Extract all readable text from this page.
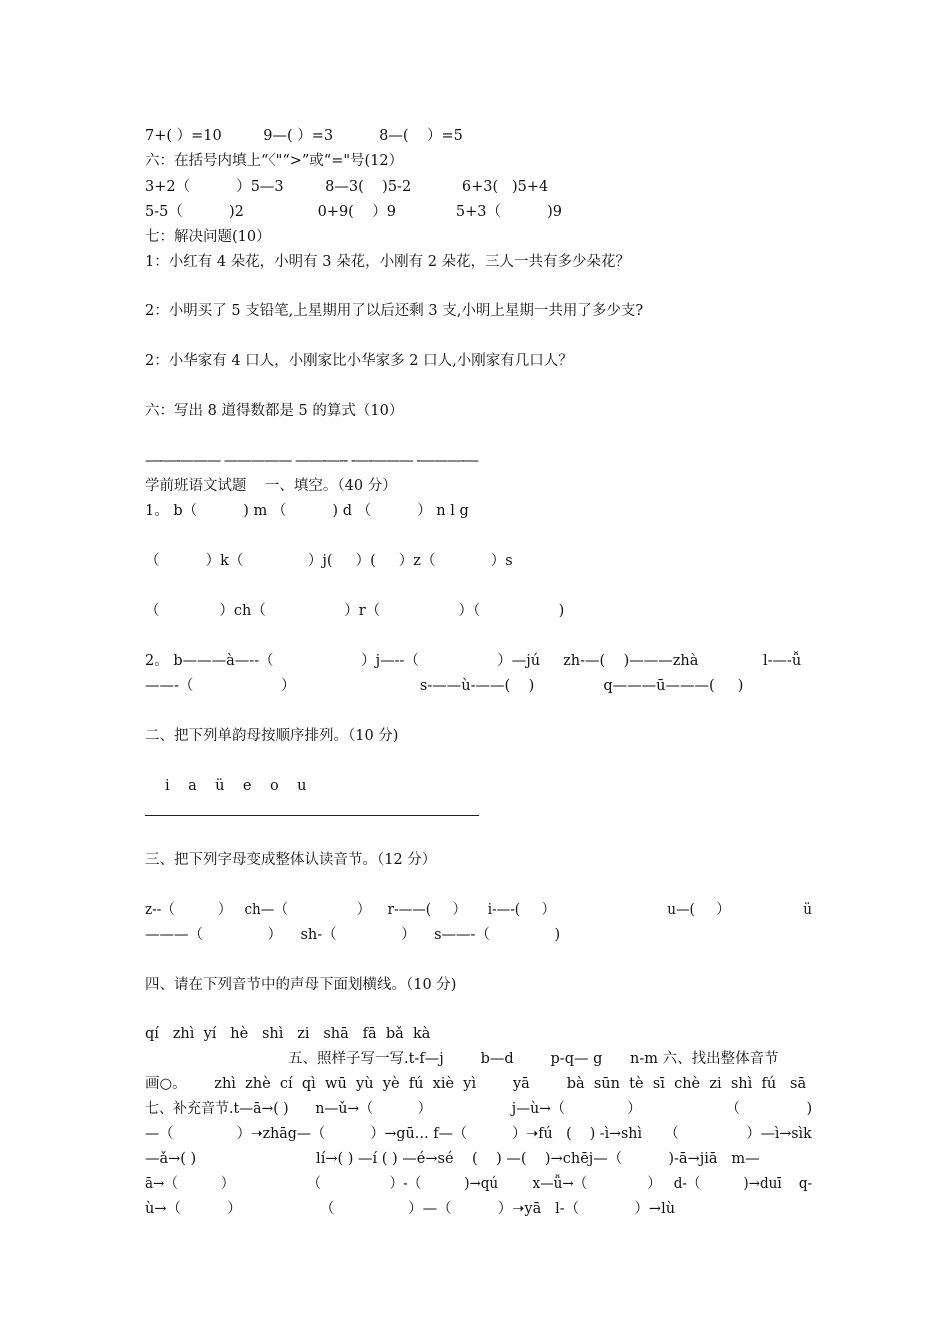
7+( ）=10         9—( ）=3          8—(    ）=5
六：在括号内填上“〈"“>”或“="号(12）
3+2（          ）5—3         8—3(    )5-2           6+3(   )5+4
5-5（          )2                0+9(    ）9             5+3（          )9
七：解决问题(10）
1：小红有 4 朵花，小明有 3 朵花，小刚有 2 朵花，三人一共有多少朵花？
2：小明买了 5 支铅笔,上星期用了以后还剩 3 支,小明上星期一共用了多少支?
2：小华家有 4 口人，小刚家比小华家多 2 口人,小刚家有几口人？
六：写出 8 道得数都是 5 的算式（10）
—-—-——— ————— ——-—-- -—-——— -———-—
学前班语文试题    一、填空。（40 分）
1。 b（          ) m （          ) d （          ） n l g
（          ）k（              ）j(     ）(     ）z（            ）s
（             ）ch（                 ）r（                 ）（                 )
2。 b———à—--（                   ）j—--（                 ）—jú     zh-—(    )———zhà              l-—-ǚ
——-（                   ）                           s-——ù-——(    )               q———ū———(     )
二、把下列单韵母按顺序排列。（10 分)
i    a    ü    e    o    u
三、把下列字母变成整体认读音节。（12 分）
z--（          ）   ch—（                ）    r-——(     ）     i-—-(     ）                          u—(     ）                 ü
———（              ）    sh-（              ）    s——-（              )
四、请在下列音节中的声母下面划横线。（10 分)
qí   zhì  yí   hè   shì   zi   shā   fā  bǎ  kà
五、照样子写一写.t-f—j        b—d        p-q— g      n-m 六、找出整体音节
画○。      zhì  zhè  cí  qì  wū  yù  yè  fú  xiè  yì        yā        bà  sūn  tè  sī  chè  zi  shì  fú   sā
七、补充音节.t—ā→( )      n—ǔ→（          ）                  j—ù→（              ）                   （               )
—（              ）➝zhāg—（          ）→gū… f—（          ）➝fú   (    ) -ì→shì     （               ）—ì→sìk
—ǎ→( )                          lí→( ) —í ( ) —é→sé    (    ) —(    )→chēj—（          )-ā→jiā   m—
ā→（          ）                 （                ）-（          )→qú        x—ǚ→（              ）   d-（          )→duī    q-
ù→（          ）                 （                ）—（          ）➝yā   l-（            ）→lù
